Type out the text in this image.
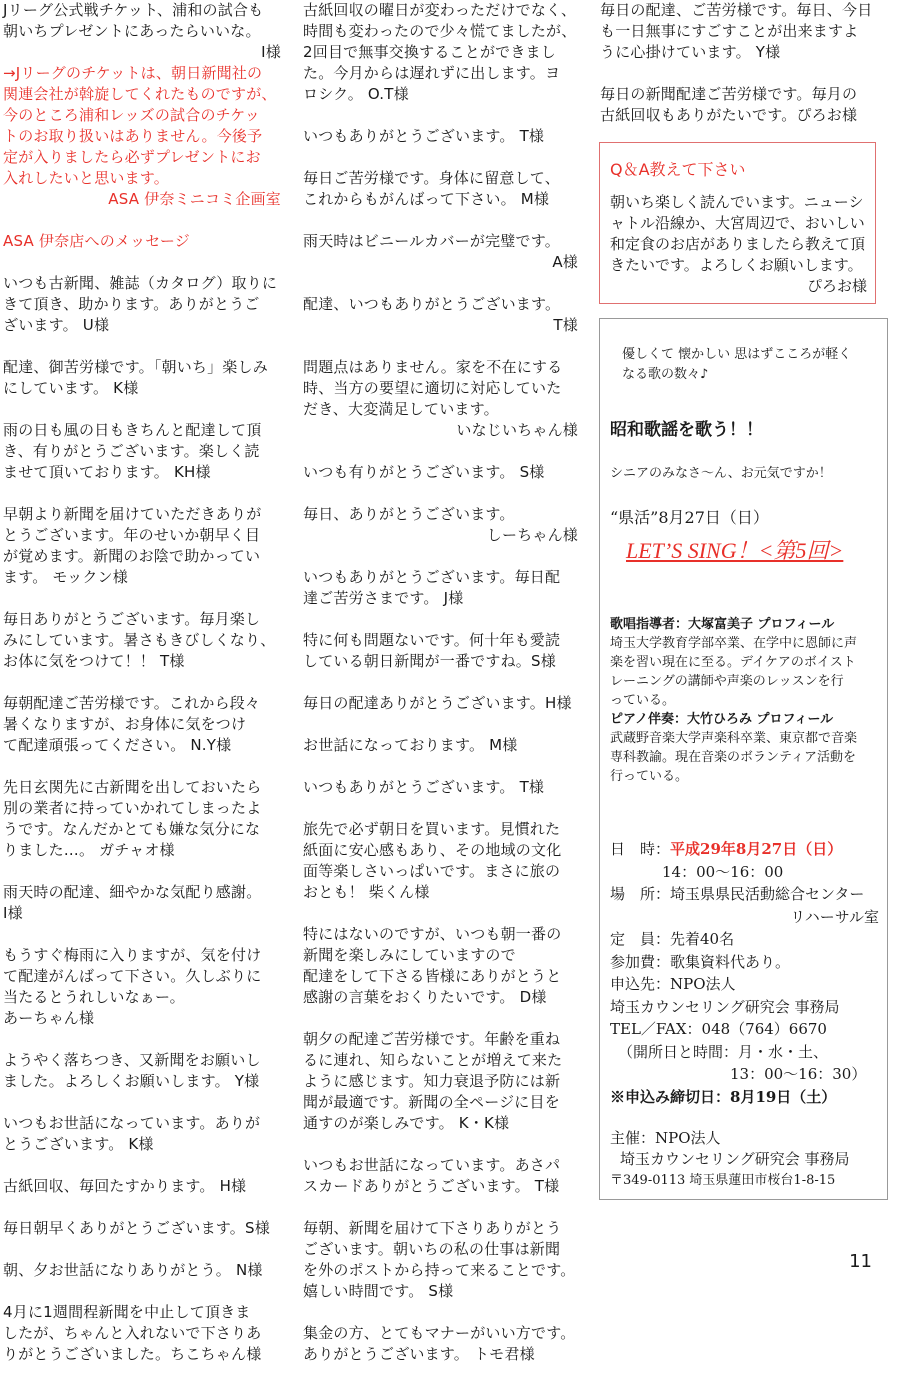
Jリーグ公式戦チケット、浦和の試合も

朝いちプレゼントにあったらいいな。

I様

→Jリーグのチケットは、朝日新聞社の

関連会社が斡旋してくれたものですが、

今のところ浦和レッズの試合のチケッ

トのお取り扱いはありません。今後予

定が入りましたら必ずプレゼントにお

入れしたいと思います。

ASA 伊奈ミニコミ企画室

ASA 伊奈店へのメッセージ

いつも古新聞、雑誌（カタログ）取りに

きて頂き、助かります。ありがとうご

ざいます。 U様

配達、御苦労様です。「朝いち」楽しみ

にしています。 K様

雨の日も風の日もきちんと配達して頂

き、有りがとうございます。楽しく読

ませて頂いております。 KH様

早朝より新聞を届けていただきありが

とうございます。年のせいか朝早く目

が覚めます。新聞のお陰で助かってい

ます。 モックン様

毎日ありがとうございます。毎月楽し

みにしています。暑さもきびしくなり、

お体に気をつけて！！ T様

毎朝配達ご苦労様です。これから段々

暑くなりますが、お身体に気をつけ

て配達頑張ってください。 N.Y様

先日玄関先に古新聞を出しておいたら

別の業者に持っていかれてしまったよ

うです。なんだかとても嫌な気分にな

りました…。 ガチャオ様

雨天時の配達、細やかな気配り感謝。

I様

もうすぐ梅雨に入りますが、気を付け

て配達がんばって下さい。久しぶりに

当たるとうれしいなぁー。

あーちゃん様

ようやく落ちつき、又新聞をお願いし

ました。よろしくお願いします。 Y様

いつもお世話になっています。ありが

とうございます。 K様

古紙回収、毎回たすかります。 H様

毎日朝早くありがとうございます。S様

朝、夕お世話になりありがとう。 N様

4月に1週間程新聞を中止して頂きま

したが、ちゃんと入れないで下さりあ

りがとうございました。ちこちゃん様

古紙回収の曜日が変わっただけでなく、

時間も変わったので少々慌てましたが、

2回目で無事交換することができまし

た。今月からは遅れずに出します。ヨ

ロシク。 O.T様

いつもありがとうございます。 T様

毎日ご苦労様です。身体に留意して、

これからもがんばって下さい。 M様

雨天時はビニールカバーが完璧です。

A様

配達、いつもありがとうございます。

T様

問題点はありません。家を不在にする

時、当方の要望に適切に対応していた

だき、大変満足しています。

いなじいちゃん様

いつも有りがとうございます。 S様

毎日、ありがとうございます。

しーちゃん様

いつもありがとうございます。毎日配

達ご苦労さまです。 J様

特に何も問題ないです。何十年も愛読

している朝日新聞が一番ですね。S様

毎日の配達ありがとうございます。H様

お世話になっております。 M様

いつもありがとうございます。 T様

旅先で必ず朝日を買います。見慣れた

紙面に安心感もあり、その地域の文化

面等楽しさいっぱいです。まさに旅の

おとも！ 柴くん様

特にはないのですが、いつも朝一番の

新聞を楽しみにしていますので

配達をして下さる皆様にありがとうと

感謝の言葉をおくりたいです。 D様

朝夕の配達ご苦労様です。年齢を重ね

るに連れ、知らないことが増えて来た

ように感じます。知力衰退予防には新

聞が最適です。新聞の全ページに目を

通すのが楽しみです。 K・K様

いつもお世話になっています。あさパ

スカードありがとうございます。 T様

毎朝、新聞を届けて下さりありがとう

ございます。朝いちの私の仕事は新聞

を外のポストから持って来ることです。

嬉しい時間です。 S様

集金の方、とてもマナーがいい方です。

ありがとうございます。 トモ君様

毎日の配達、ご苦労様です。毎日、今日

も一日無事にすごすことが出来ますよ

うに心掛けています。 Y様

毎日の新聞配達ご苦労様です。毎月の

古紙回収もありがたいです。ぴろお様

Q＆A教えて下さい
朝いち楽しく読んでいます。ニューシ
ャトル沿線か、大宮周辺で、おいしい
和定食のお店がありましたら教えて頂
きたいです。よろしくお願いします。
ぴろお様
優しくて 懐かしい 思はずこころが軽く
なる歌の数々♪
昭和歌謡を歌う！！
シニアのみなさ～ん、お元気ですか！
“県活”8月27日（日）
LET’S SING！<第5回>
歌唱指導者：大塚富美子 プロフィール
埼玉大学教育学部卒業、在学中に恩師に声
楽を習い現在に至る。デイケアのボイスト
レーニングの講師や声楽のレッスンを行
っている。
ピアノ伴奏：大竹ひろみ プロフィール
武蔵野音楽大学声楽科卒業、東京都で音楽
専科教諭。現在音楽のボランティア活動を
行っている。
日　時：平成29年8月27日（日）
14：00～16：00
場　所：埼玉県県民活動総合センター
リハーサル室
定　員：先着40名
参加費：歌集資料代あり。
申込先：NPO法人
埼玉カウンセリング研究会 事務局
TEL／FAX：048（764）6670
（開所日と時間：月・水・土、
13：00～16：30）
※申込み締切日：8月19日（土）
主催：NPO法人
埼玉カウンセリング研究会 事務局
〒349-0113 埼玉県蓮田市桜台1-8-15
11
